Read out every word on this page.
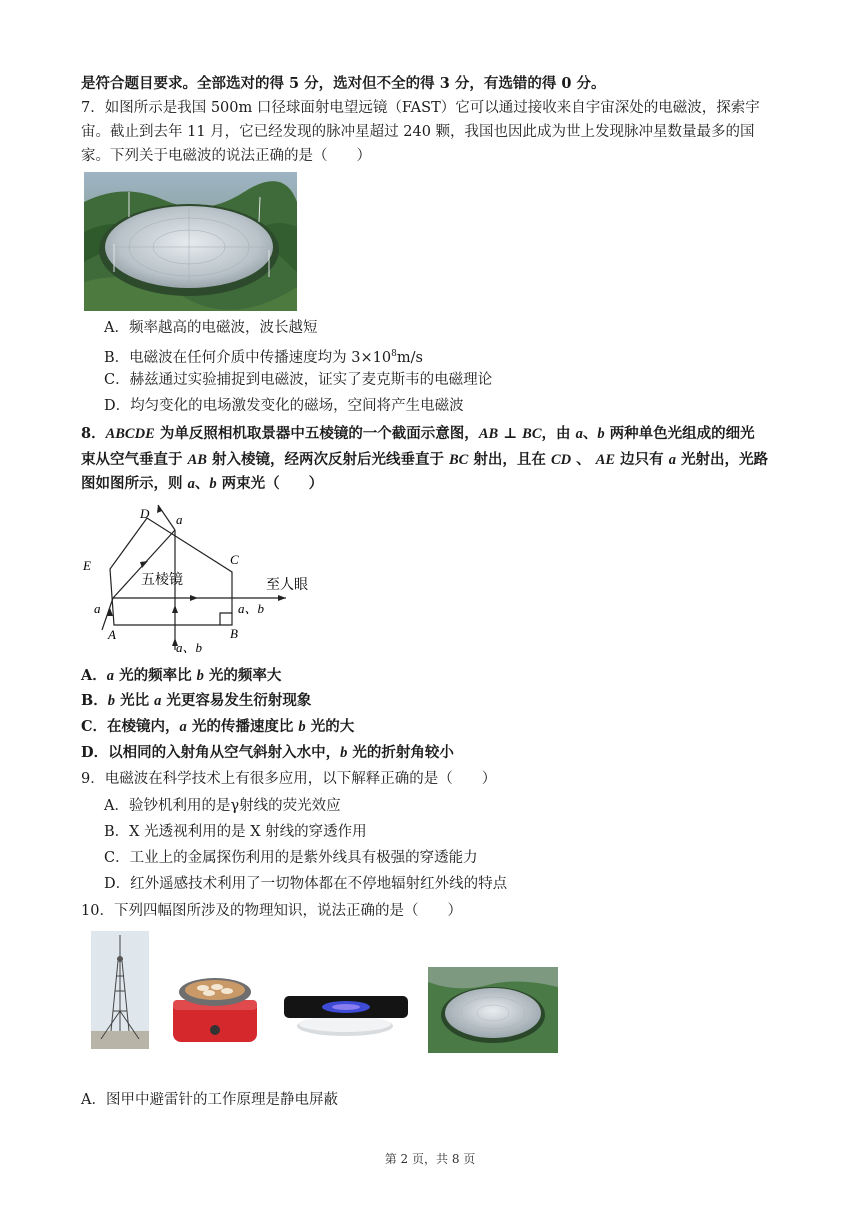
是符合题目要求。全部选对的得 5 分，选对但不全的得 3 分，有选错的得 0 分。
7．如图所示是我国 500m 口径球面射电望远镜（FAST）它可以通过接收来自宇宙深处的电磁波，探索宇
宙。截止到去年 11 月，它已经发现的脉冲星超过 240 颗，我国也因此成为世上发现脉冲星数量最多的国
家。下列关于电磁波的说法正确的是（　　）
A．频率越高的电磁波，波长越短
B．电磁波在任何介质中传播速度均为 $3\times 10^8m/s$
C．赫兹通过实验捕捉到电磁波，证实了麦克斯韦的电磁理论
D．均匀变化的电场激发变化的磁场，空间将产生电磁波
8．ABCDE 为单反照相机取景器中五棱镜的一个截面示意图，AB ⊥ BC，由 a、b 两种单色光组成的细光
束从空气垂直于 AB 射入棱镜，经两次反射后光线垂直于 BC 射出，且在 CD 、 AE 边只有 a 光射出，光路
图如图所示，则 a、b 两束光（　　）
D
C
E
A	B
a
a	a、b
a、b
五棱镜	至人眼
A．a 光的频率比 b 光的频率大
B．b 光比 a 光更容易发生衍射现象
C．在棱镜内，a 光的传播速度比 b 光的大
D．以相同的入射角从空气斜射入水中，b 光的折射角较小
9．电磁波在科学技术上有很多应用，以下解释正确的是（　　）
A．验钞机利用的是γ射线的荧光效应
B．X 光透视利用的是 X 射线的穿透作用
C．工业上的金属探伤利用的是紫外线具有极强的穿透能力
D．红外遥感技术利用了一切物体都在不停地辐射红外线的特点
10．下列四幅图所涉及的物理知识，说法正确的是（　　）
A．图甲中避雷针的工作原理是静电屏蔽
第 2 页，共 8 页
